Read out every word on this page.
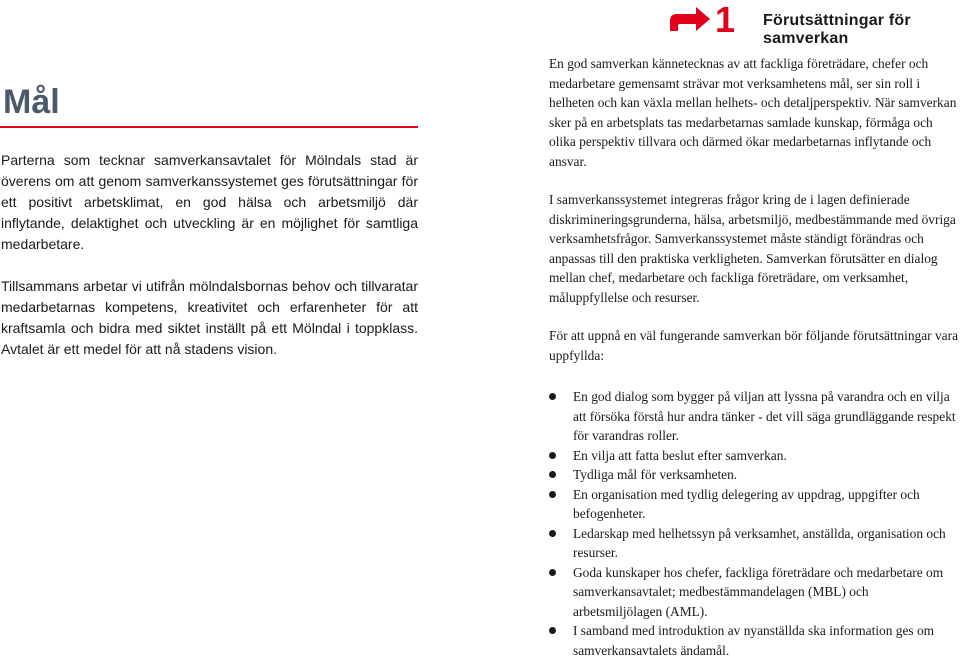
1 Förutsättningar för samverkan
Mål

Parterna som tecknar samverkansavtalet för Mölndals stad är överens om att genom samverkanssystemet ges förutsättningar för ett positivt arbetsklimat, en god hälsa och arbetsmiljö där inflytande, delaktighet och utveckling är en möjlighet för samtliga medarbetare.

Tillsammans arbetar vi utifrån mölndalsbornas behov och tillvaratar medarbetarnas kompetens, kreativitet och erfarenheter för att kraftsamla och bidra med siktet inställt på ett Mölndal i toppklass. Avtalet är ett medel för att nå stadens vision.

En god samverkan kännetecknas av att fackliga företrädare, chefer och medarbetare gemensamt strävar mot verksamhetens mål, ser sin roll i helheten och kan växla mellan helhets- och detaljperspektiv. När samverkan sker på en arbetsplats tas medarbetarnas samlade kunskap, förmåga och olika perspektiv tillvara och därmed ökar medarbetarnas inflytande och ansvar.

I samverkanssystemet integreras frågor kring de i lagen definierade diskrimineringsgrunderna, hälsa, arbetsmiljö, medbestämmande med övriga verksamhetsfrågor. Samverkanssystemet måste ständigt förändras och anpassas till den praktiska verkligheten. Samverkan förutsätter en dialog mellan chef, medarbetare och fackliga företrädare, om verksamhet, måluppfyllelse och resurser.

För att uppnå en väl fungerande samverkan bör följande förutsättningar vara uppfyllda:

En god dialog som bygger på viljan att lyssna på varandra och en vilja att försöka förstå hur andra tänker - det vill säga grundläggande respekt för varandras roller.
En vilja att fatta beslut efter samverkan.
Tydliga mål för verksamheten.
En organisation med tydlig delegering av uppdrag, uppgifter och befogenheter.
Ledarskap med helhetssyn på verksamhet, anställda, organisation och resurser.
Goda kunskaper hos chefer, fackliga företrädare och medarbetare om samverkansavtalet; medbestämmandelagen (MBL) och arbetsmiljölagen (AML).
I samband med introduktion av nyanställda ska information ges om samverkansavtalets ändamål.
